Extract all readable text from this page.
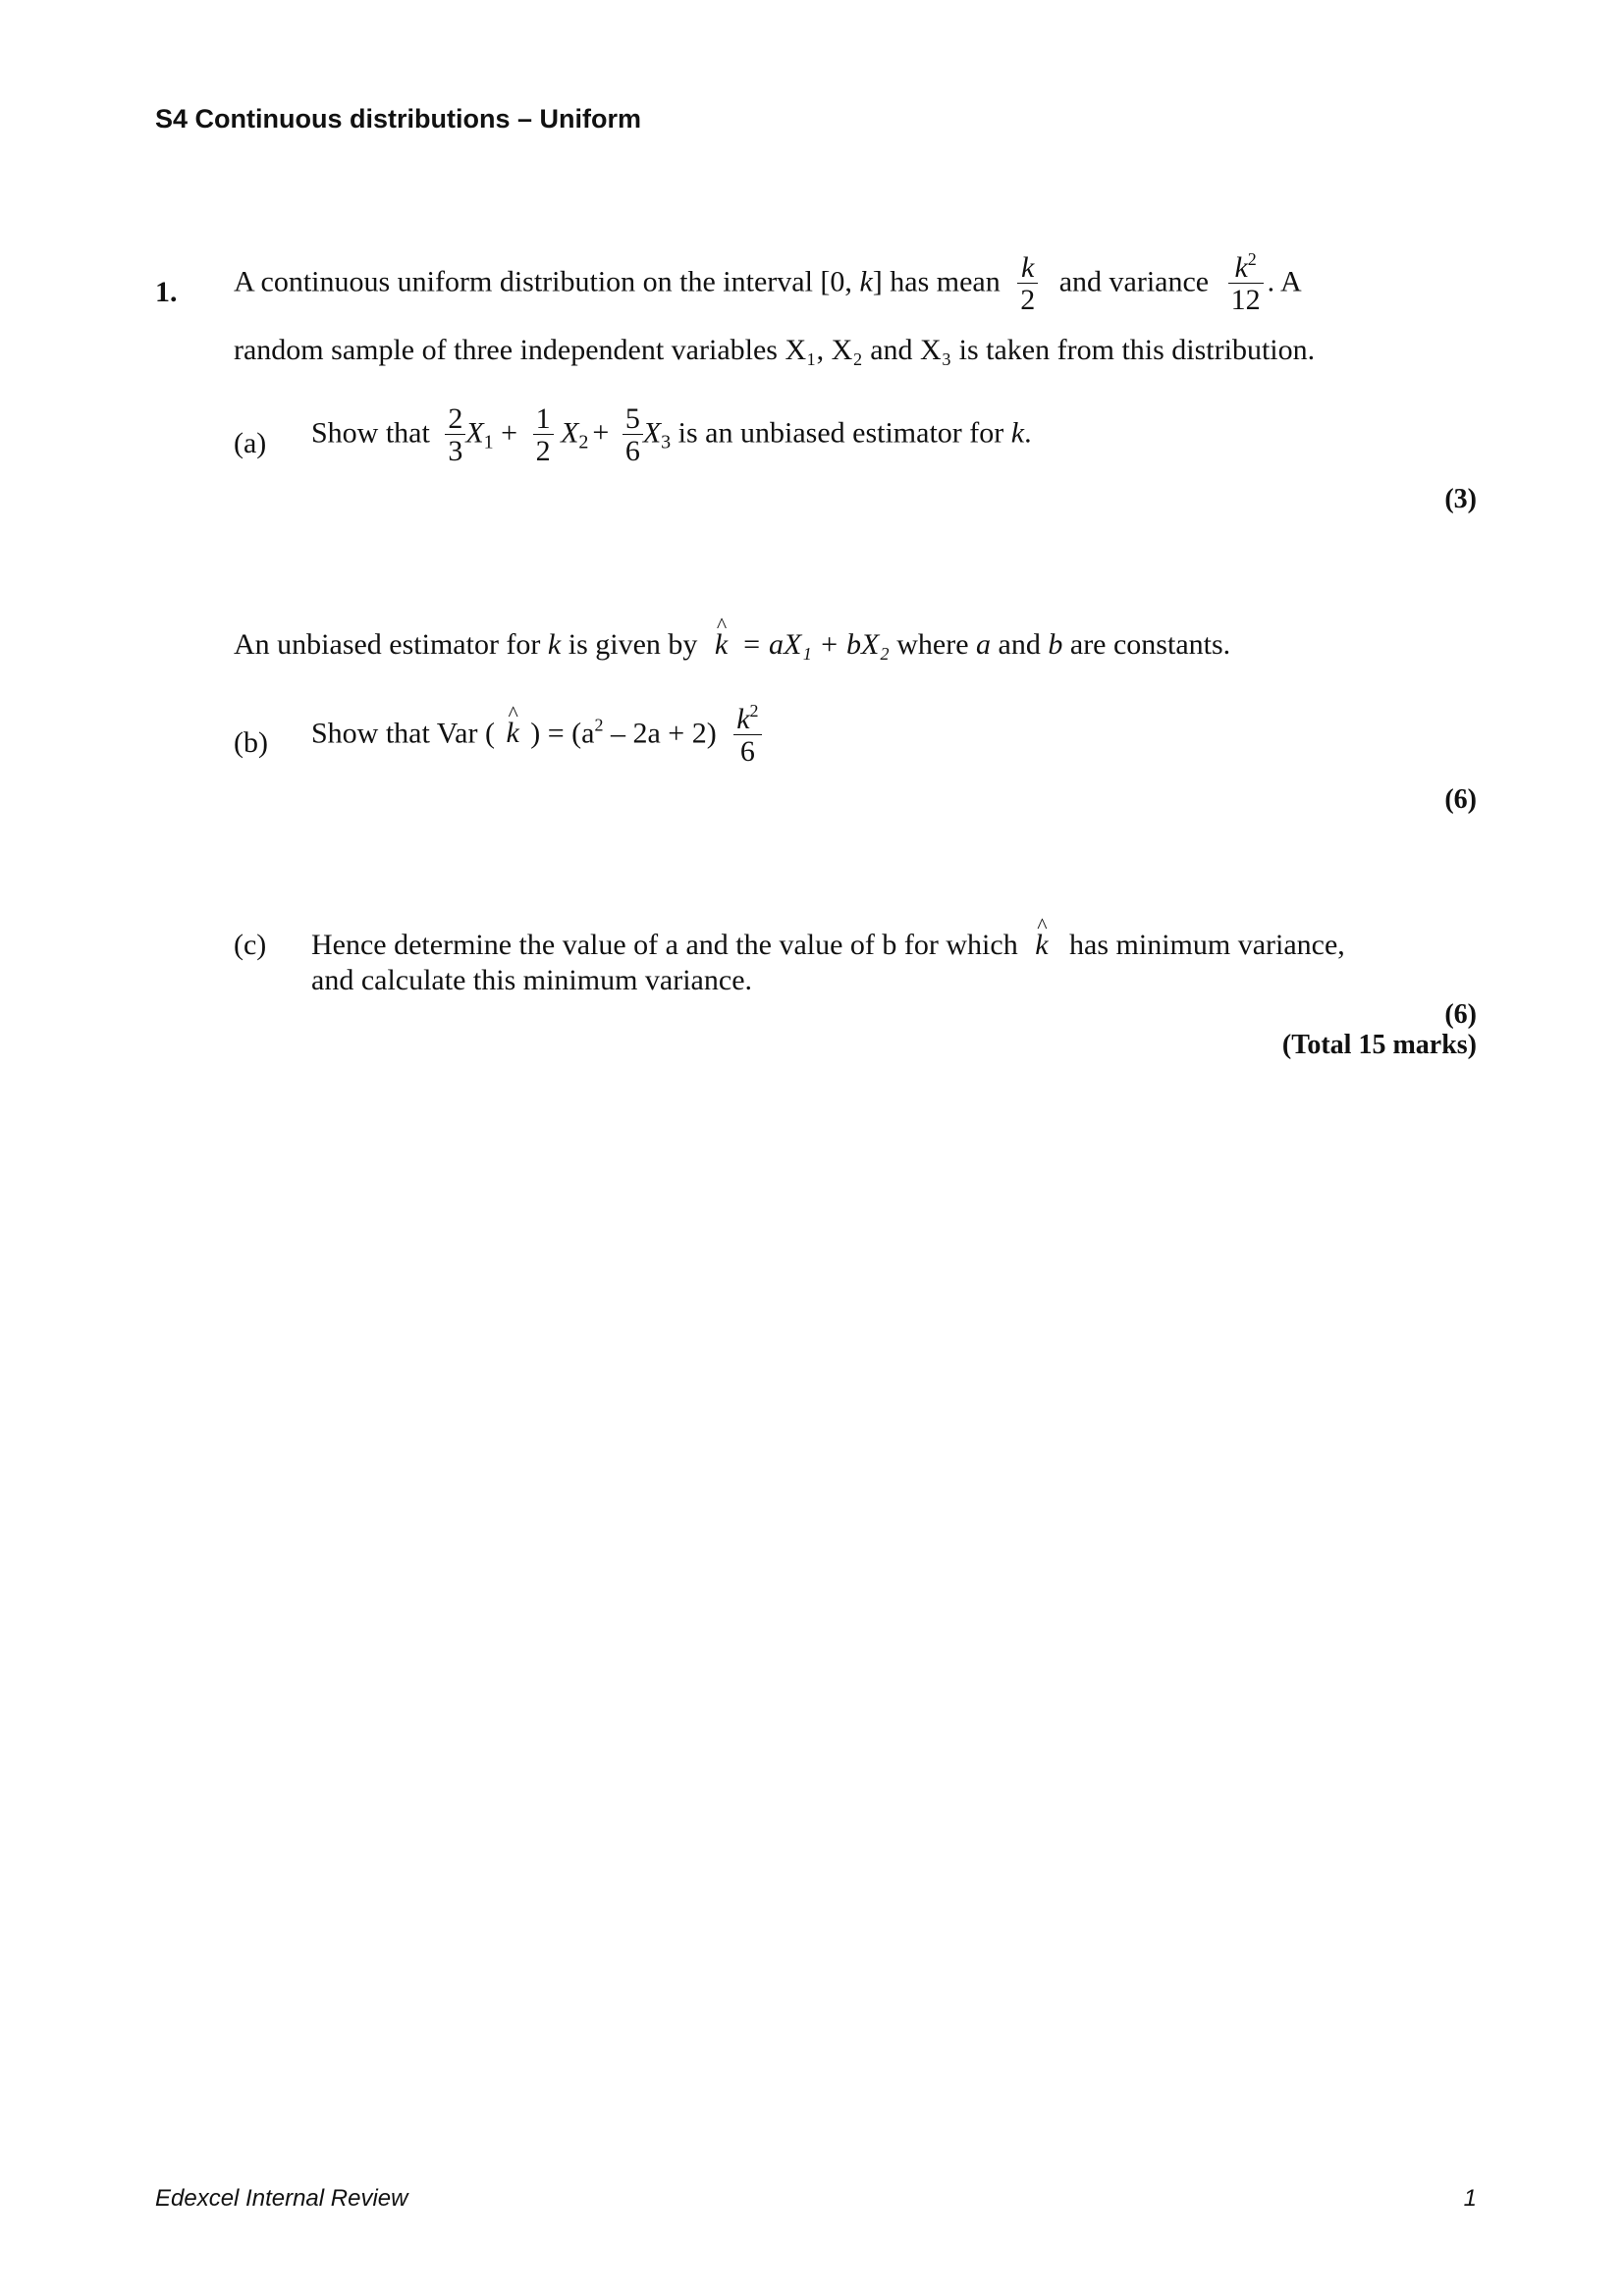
S4 Continuous distributions – Uniform
1. A continuous uniform distribution on the interval [0, k] has mean $\frac{k}{2}$ and variance $\frac{k^2}{12}$ . A
random sample of three independent variables X₁, X₂ and X₃ is taken from this distribution.
(a) Show that $\frac{2}{3} X_1 + \frac{1}{2} X_2 + \frac{5}{6} X_3$ is an unbiased estimator for k.
(3)
An unbiased estimator for k is given by ^ k = aX₁ + bX₂ where a and b are constants.
(b) Show that Var ( ^ k ) = $(a^2 - 2a + 2) \frac{k^2}{6}$
(6)
(c) Hence determine the value of a and the value of b for which ^ k has minimum variance,
and calculate this minimum variance.
(6)
(Total 15 marks)
Edexcel Internal Review	1
